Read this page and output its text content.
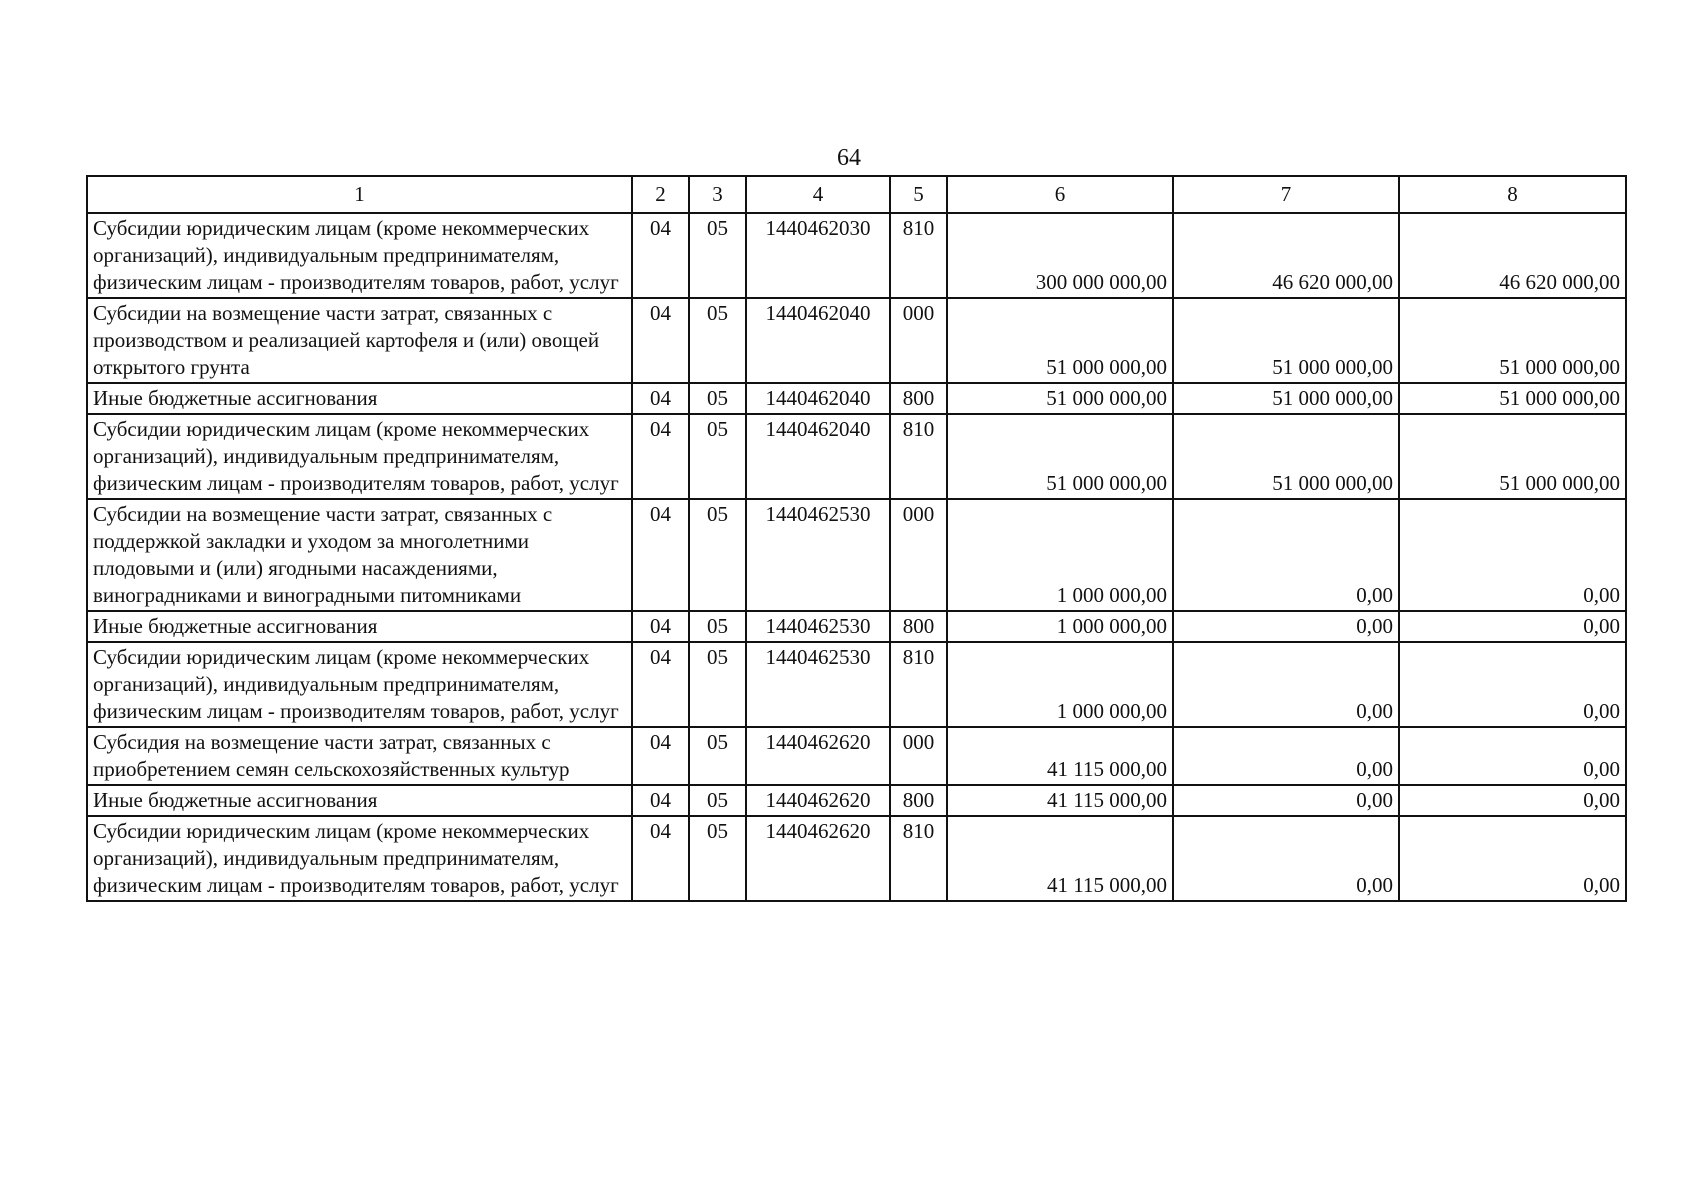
64
1	2	3	4	5	6	7	8
Субсидии юридическим лицам (кроме некоммерческих организаций), индивидуальным предпринимателям, физическим лицам - производителям товаров, работ, услуг	04	05	1440462030	810	300 000 000,00	46 620 000,00	46 620 000,00
Субсидии на возмещение части затрат, связанных с производством и реализацией картофеля и (или) овощей открытого грунта	04	05	1440462040	000	51 000 000,00	51 000 000,00	51 000 000,00
Иные бюджетные ассигнования	04	05	1440462040	800	51 000 000,00	51 000 000,00	51 000 000,00
Субсидии юридическим лицам (кроме некоммерческих организаций), индивидуальным предпринимателям, физическим лицам - производителям товаров, работ, услуг	04	05	1440462040	810	51 000 000,00	51 000 000,00	51 000 000,00
Субсидии на возмещение части затрат, связанных с поддержкой закладки и уходом за многолетними плодовыми и (или) ягодными насаждениями, виноградниками и виноградными питомниками	04	05	1440462530	000	1 000 000,00	0,00	0,00
Иные бюджетные ассигнования	04	05	1440462530	800	1 000 000,00	0,00	0,00
Субсидии юридическим лицам (кроме некоммерческих организаций), индивидуальным предпринимателям, физическим лицам - производителям товаров, работ, услуг	04	05	1440462530	810	1 000 000,00	0,00	0,00
Субсидия на возмещение части затрат, связанных с приобретением семян сельскохозяйственных культур	04	05	1440462620	000	41 115 000,00	0,00	0,00
Иные бюджетные ассигнования	04	05	1440462620	800	41 115 000,00	0,00	0,00
Субсидии юридическим лицам (кроме некоммерческих организаций), индивидуальным предпринимателям, физическим лицам - производителям товаров, работ, услуг	04	05	1440462620	810	41 115 000,00	0,00	0,00
